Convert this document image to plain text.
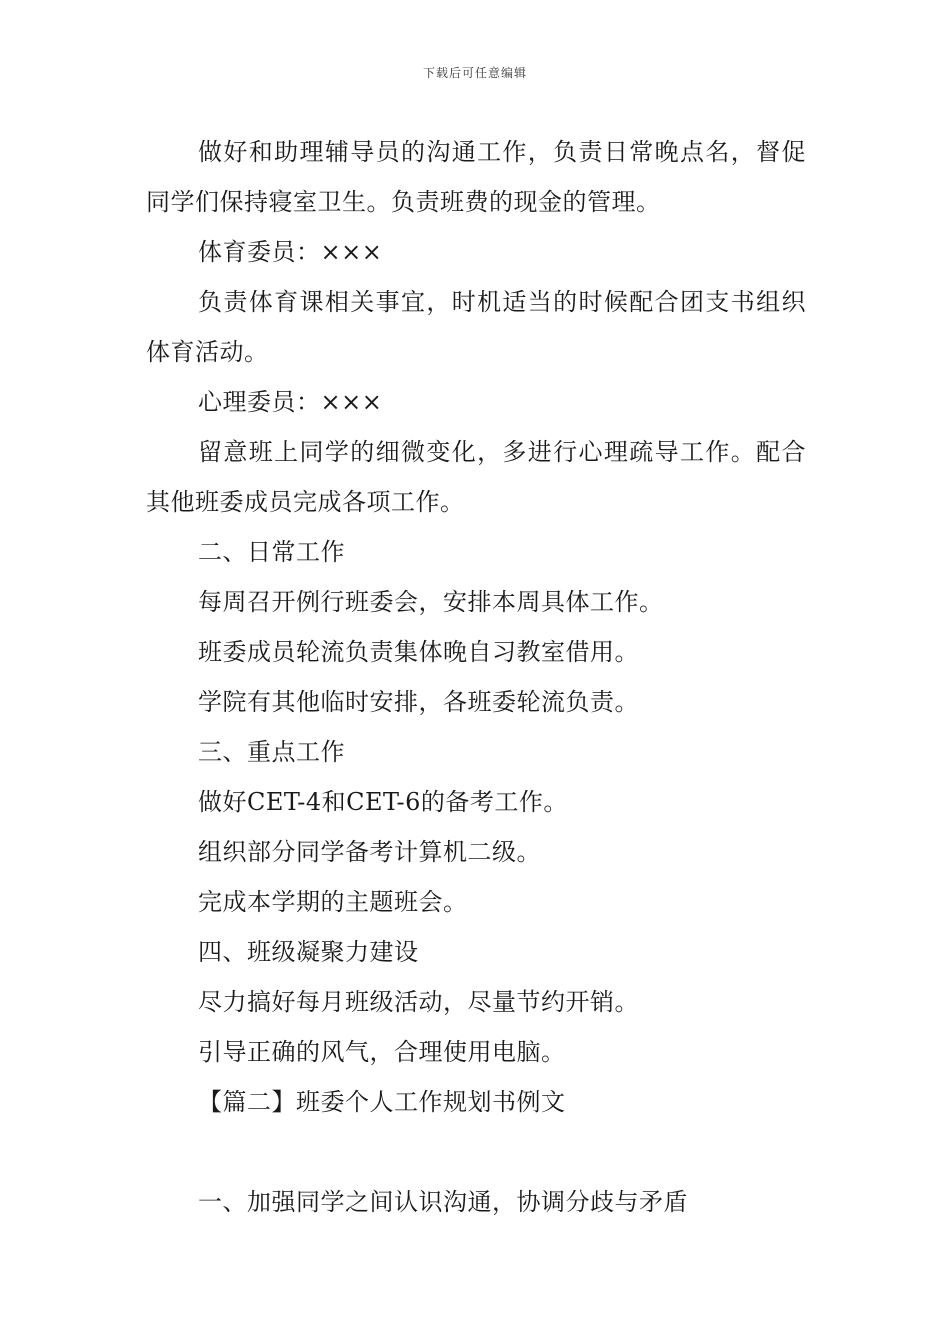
下载后可任意编辑

做好和助理辅导员的沟通工作，负责日常晚点名，督促同学们保持寝室卫生。负责班费的现金的管理。

体育委员：×××

负责体育课相关事宜，时机适当的时候配合团支书组织体育活动。

心理委员：×××

留意班上同学的细微变化，多进行心理疏导工作。配合其他班委成员完成各项工作。

二、日常工作

每周召开例行班委会，安排本周具体工作。

班委成员轮流负责集体晚自习教室借用。

学院有其他临时安排，各班委轮流负责。

三、重点工作

做好CET-4和CET-6的备考工作。

组织部分同学备考计算机二级。

完成本学期的主题班会。

四、班级凝聚力建设

尽力搞好每月班级活动，尽量节约开销。

引导正确的风气，合理使用电脑。

【篇二】班委个人工作规划书例文

一、加强同学之间认识沟通，协调分歧与矛盾
